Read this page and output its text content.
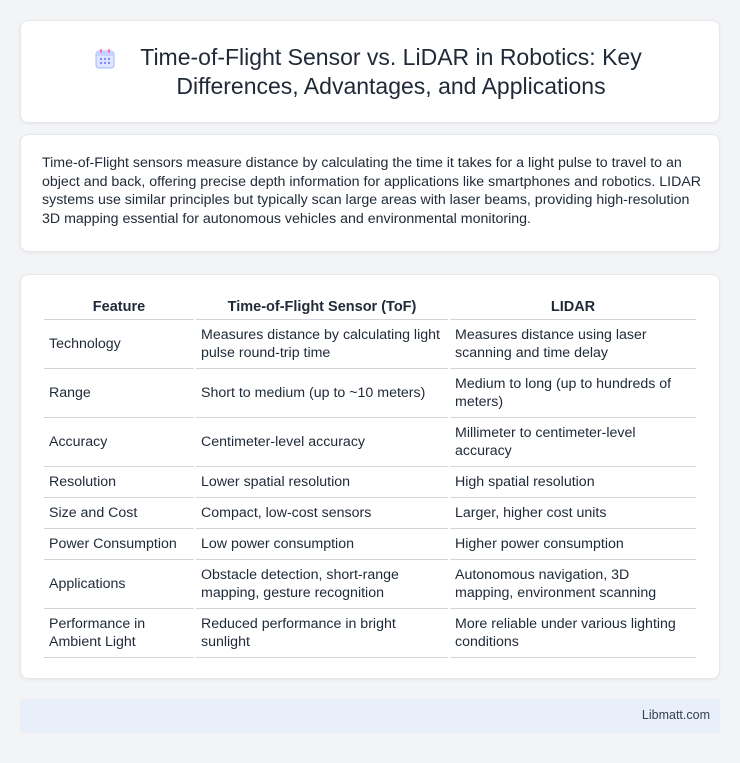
Time-of-Flight Sensor vs. LiDAR in Robotics: Key Differences, Advantages, and Applications

Time-of-Flight sensors measure distance by calculating the time it takes for a light pulse to travel to an object and back, offering precise depth information for applications like smartphones and robotics. LIDAR systems use similar principles but typically scan large areas with laser beams, providing high-resolution 3D mapping essential for autonomous vehicles and environmental monitoring.

Feature	Time-of-Flight Sensor (ToF)	LIDAR
Technology	Measures distance by calculating light pulse round-trip time	Measures distance using laser scanning and time delay
Range	Short to medium (up to ~10 meters)	Medium to long (up to hundreds of meters)
Accuracy	Centimeter-level accuracy	Millimeter to centimeter-level accuracy
Resolution	Lower spatial resolution	High spatial resolution
Size and Cost	Compact, low-cost sensors	Larger, higher cost units
Power Consumption	Low power consumption	Higher power consumption
Applications	Obstacle detection, short-range mapping, gesture recognition	Autonomous navigation, 3D mapping, environment scanning
Performance in Ambient Light	Reduced performance in bright sunlight	More reliable under various lighting conditions
Libmatt.com
